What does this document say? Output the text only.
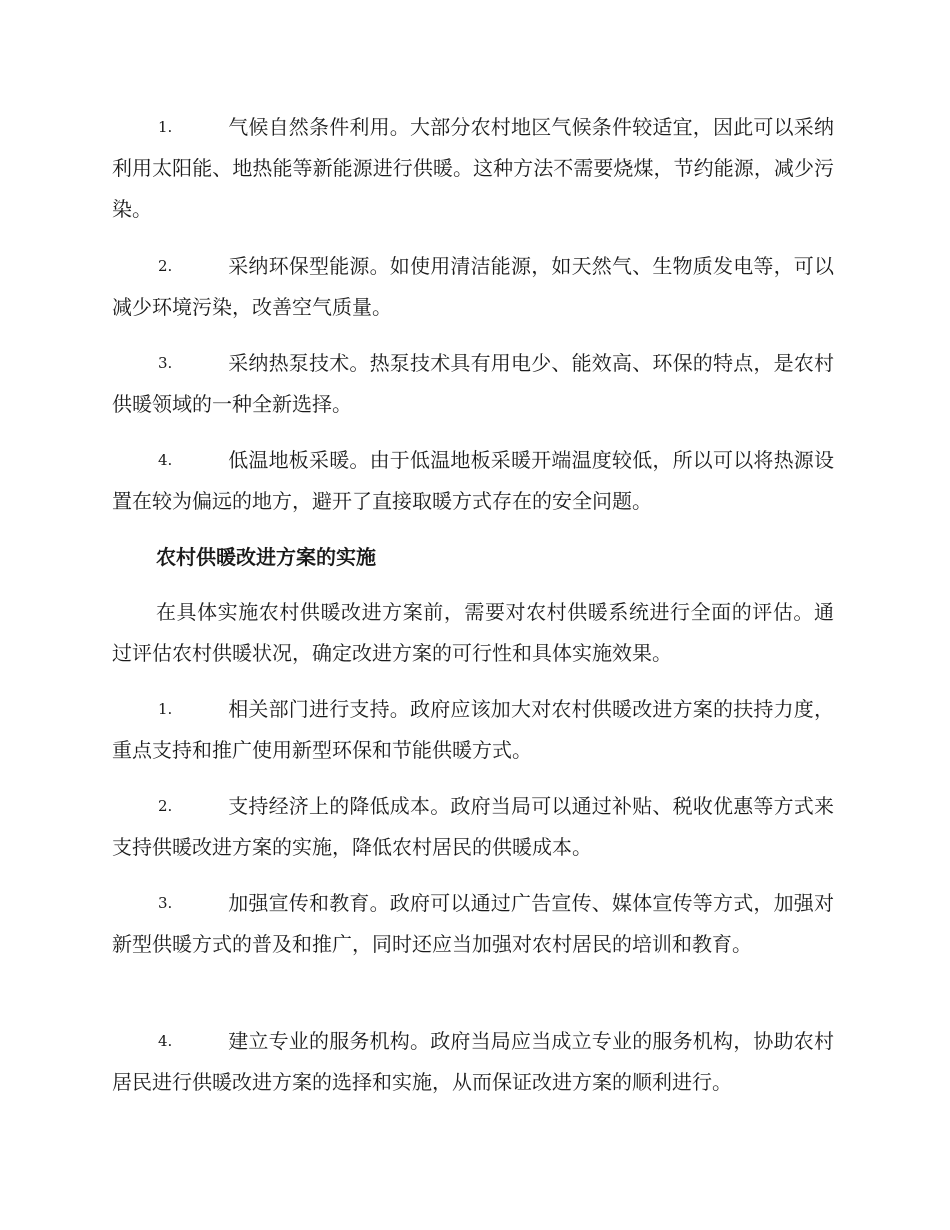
1.	气候自然条件利用。大部分农村地区气候条件较适宜，因此可以采纳利用太阳能、地热能等新能源进行供暖。这种方法不需要烧煤，节约能源，减少污染。

2.	采纳环保型能源。如使用清洁能源，如天然气、生物质发电等，可以减少环境污染，改善空气质量。

3.	采纳热泵技术。热泵技术具有用电少、能效高、环保的特点，是农村供暖领域的一种全新选择。

4.	低温地板采暖。由于低温地板采暖开端温度较低，所以可以将热源设置在较为偏远的地方，避开了直接取暖方式存在的安全问题。

农村供暖改进方案的实施

在具体实施农村供暖改进方案前，需要对农村供暖系统进行全面的评估。通过评估农村供暖状况，确定改进方案的可行性和具体实施效果。

1.	相关部门进行支持。政府应该加大对农村供暖改进方案的扶持力度，重点支持和推广使用新型环保和节能供暖方式。

2.	支持经济上的降低成本。政府当局可以通过补贴、税收优惠等方式来支持供暖改进方案的实施，降低农村居民的供暖成本。

3.	加强宣传和教育。政府可以通过广告宣传、媒体宣传等方式，加强对新型供暖方式的普及和推广，同时还应当加强对农村居民的培训和教育。

4.	建立专业的服务机构。政府当局应当成立专业的服务机构，协助农村居民进行供暖改进方案的选择和实施，从而保证改进方案的顺利进行。
